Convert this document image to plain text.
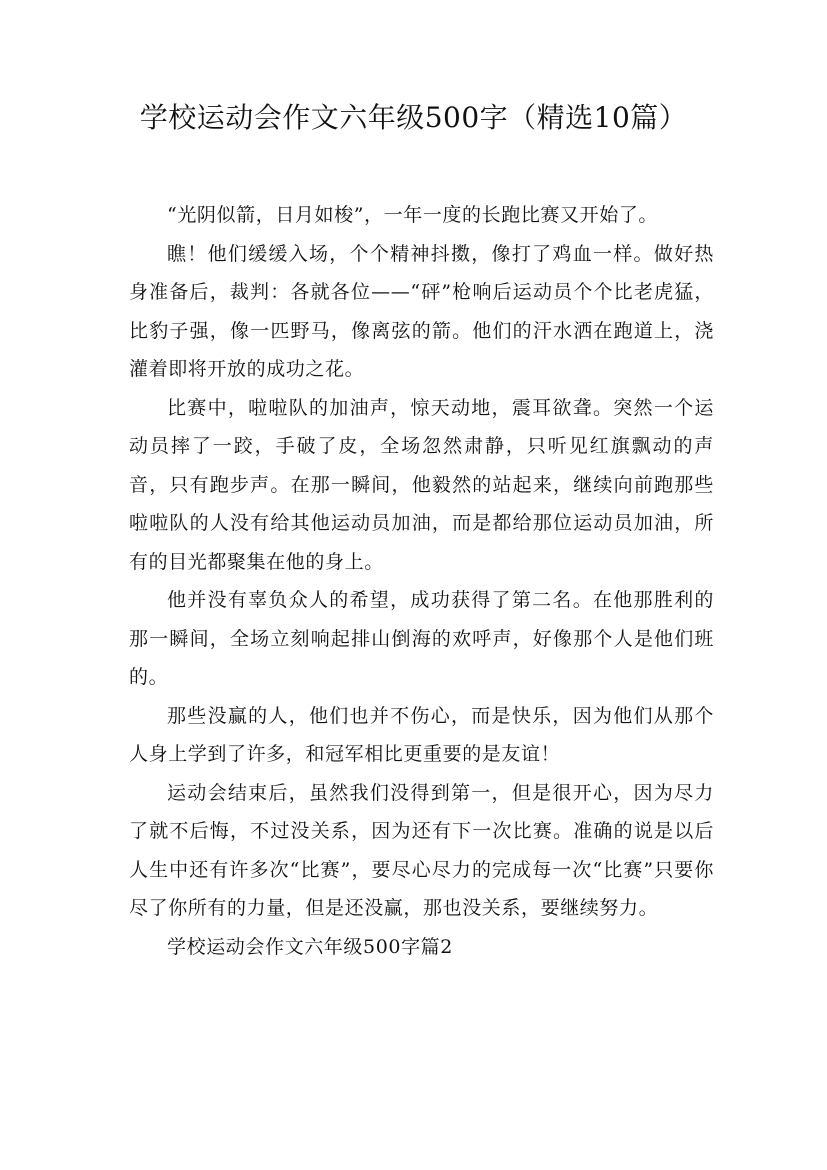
学校运动会作文六年级500字（精选10篇）

“光阴似箭，日月如梭”，一年一度的长跑比赛又开始了。

瞧！他们缓缓入场，个个精神抖擞，像打了鸡血一样。做好热身准备后，裁判：各就各位——“砰”枪响后运动员个个比老虎猛，比豹子强，像一匹野马，像离弦的箭。他们的汗水洒在跑道上，浇灌着即将开放的成功之花。

比赛中，啦啦队的加油声，惊天动地，震耳欲聋。突然一个运动员摔了一跤，手破了皮，全场忽然肃静，只听见红旗飘动的声音，只有跑步声。在那一瞬间，他毅然的站起来，继续向前跑那些啦啦队的人没有给其他运动员加油，而是都给那位运动员加油，所有的目光都聚集在他的身上。

他并没有辜负众人的希望，成功获得了第二名。在他那胜利的那一瞬间，全场立刻响起排山倒海的欢呼声，好像那个人是他们班的。

那些没赢的人，他们也并不伤心，而是快乐，因为他们从那个人身上学到了许多，和冠军相比更重要的是友谊！

运动会结束后，虽然我们没得到第一，但是很开心，因为尽力了就不后悔，不过没关系，因为还有下一次比赛。准确的说是以后人生中还有许多次“比赛”，要尽心尽力的完成每一次“比赛”只要你尽了你所有的力量，但是还没赢，那也没关系，要继续努力。

学校运动会作文六年级500字篇2
